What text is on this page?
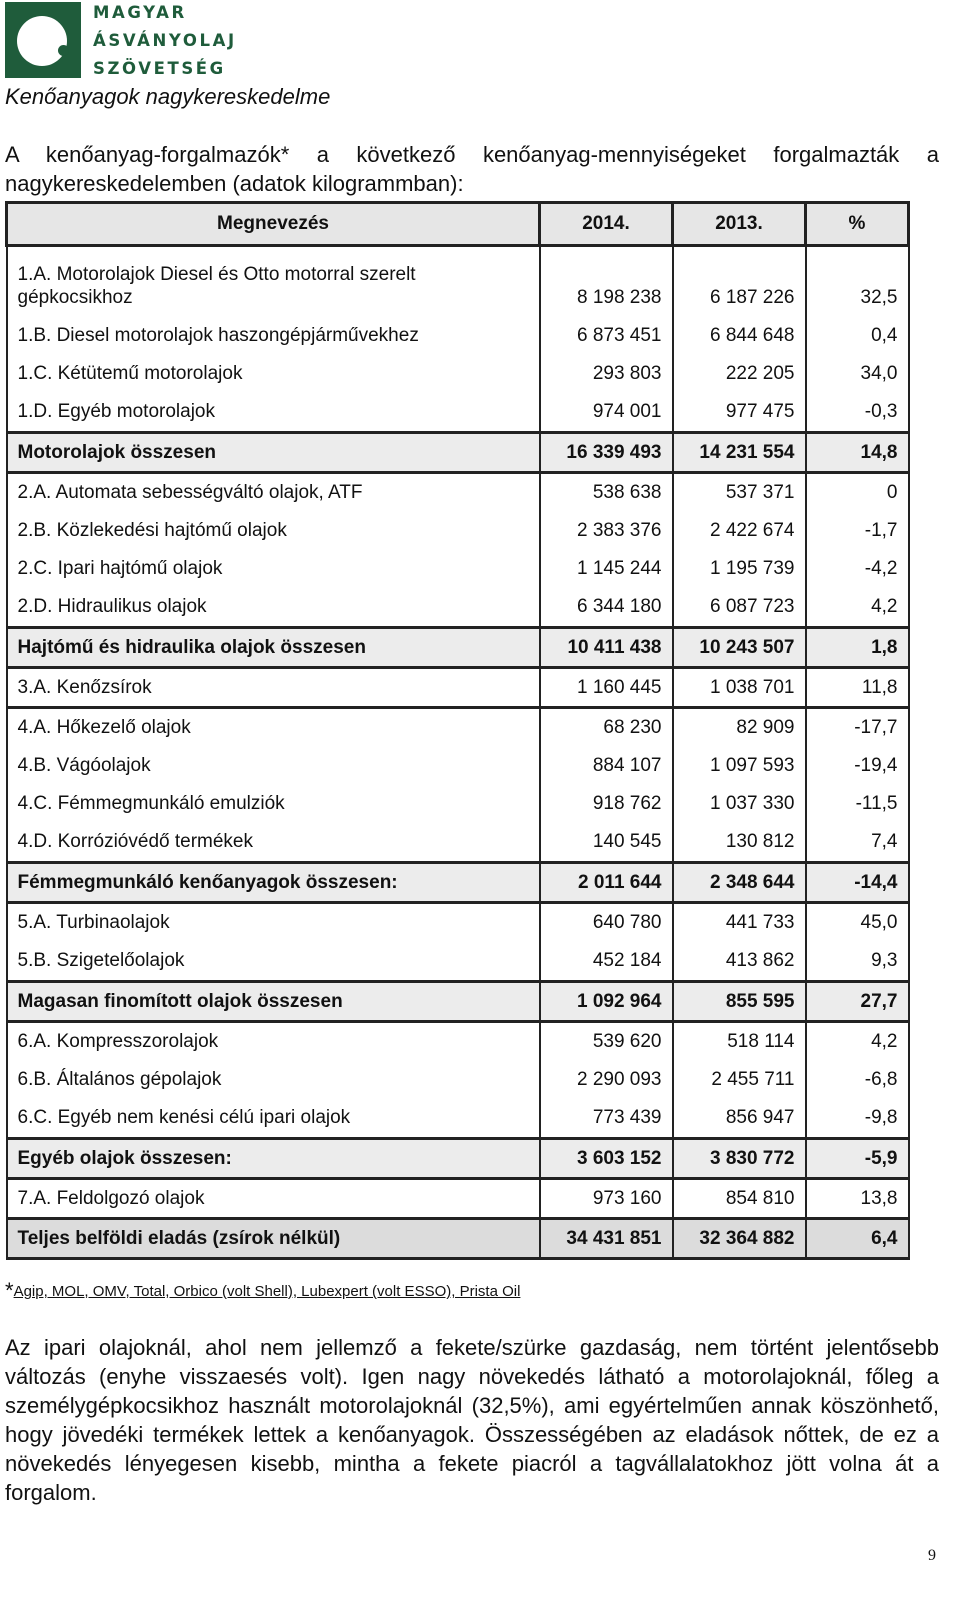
MAGYAR
ÁSVÁNYOLAJ
SZÖVETSÉG
Kenőanyagok nagykereskedelme
A kenőanyag-forgalmazók* a következő kenőanyag-mennyiségeket forgalmazták a nagykereskedelemben (adatok kilogrammban):
Megnevezés	2014.	2013.	%
1.A. Motorolajok Diesel és Otto motorral szerelt gépkocsikhoz	8 198 238	6 187 226	32,5
1.B. Diesel motorolajok haszongépjárművekhez	6 873 451	6 844 648	0,4
1.C. Kétütemű motorolajok	293 803	222 205	34,0
1.D. Egyéb motorolajok	974 001	977 475	-0,3
Motorolajok összesen	16 339 493	14 231 554	14,8
2.A. Automata sebességváltó olajok, ATF	538 638	537 371	0
2.B. Közlekedési hajtómű olajok	2 383 376	2 422 674	-1,7
2.C. Ipari hajtómű olajok	1 145 244	1 195 739	-4,2
2.D. Hidraulikus olajok	6 344 180	6 087 723	4,2
Hajtómű és hidraulika olajok összesen	10 411 438	10 243 507	1,8
3.A. Kenőzsírok	1 160 445	1 038 701	11,8
4.A. Hőkezelő olajok	68 230	82 909	-17,7
4.B. Vágóolajok	884 107	1 097 593	-19,4
4.C. Fémmegmunkáló emulziók	918 762	1 037 330	-11,5
4.D. Korrózióvédő termékek	140 545	130 812	7,4
Fémmegmunkáló kenőanyagok összesen:	2 011 644	2 348 644	-14,4
5.A. Turbinaolajok	640 780	441 733	45,0
5.B. Szigetelőolajok	452 184	413 862	9,3
Magasan finomított olajok összesen	1 092 964	855 595	27,7
6.A. Kompresszorolajok	539 620	518 114	4,2
6.B. Általános gépolajok	2 290 093	2 455 711	-6,8
6.C. Egyéb nem kenési célú ipari olajok	773 439	856 947	-9,8
Egyéb olajok összesen:	3 603 152	3 830 772	-5,9
7.A. Feldolgozó olajok	973 160	854 810	13,8
Teljes belföldi eladás (zsírok nélkül)	34 431 851	32 364 882	6,4
*Agip, MOL, OMV, Total, Orbico (volt Shell), Lubexpert (volt ESSO), Prista Oil
Az ipari olajoknál, ahol nem jellemző a fekete/szürke gazdaság, nem történt jelentősebb változás (enyhe visszaesés volt). Igen nagy növekedés látható a motorolajoknál, főleg a személygépkocsikhoz használt motorolajoknál (32,5%), ami egyértelműen annak köszönhető, hogy jövedéki termékek lettek a kenőanyagok. Összességében az eladások nőttek, de ez a növekedés lényegesen kisebb, mintha a fekete piacról a tagvállalatokhoz jött volna át a forgalom.
9
